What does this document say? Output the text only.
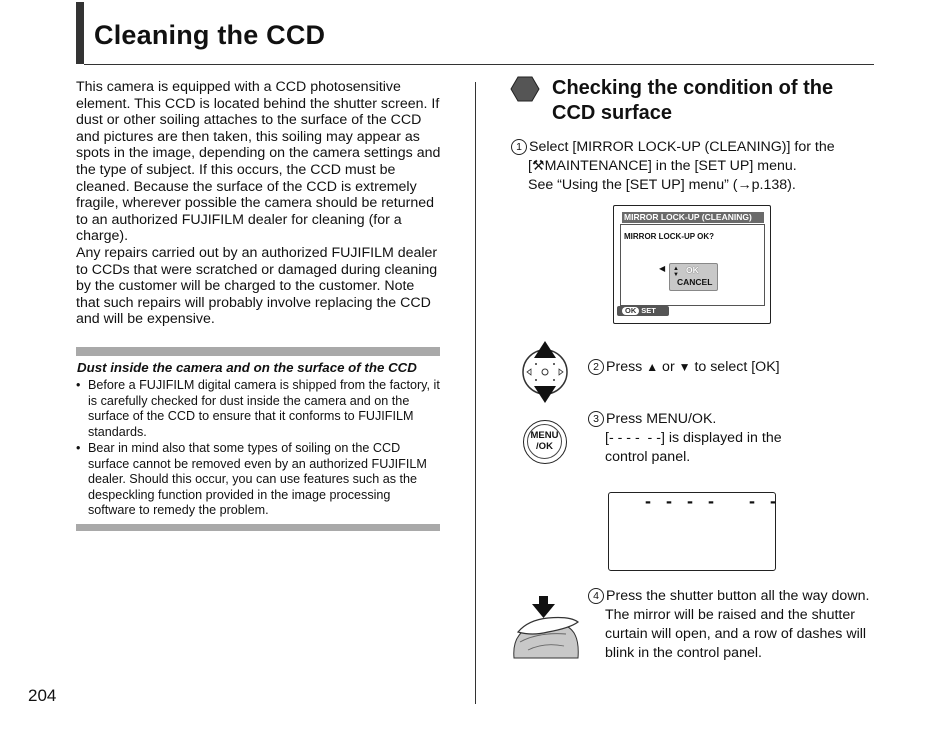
Cleaning the CCD

This camera is equipped with a CCD photosensitive element. This CCD is located behind the shutter screen. If dust or other soiling attaches to the surface of the CCD and pictures are then taken, this soiling may appear as spots in the image, depending on the camera settings and the type of subject. If this occurs, the CCD must be cleaned. Because the surface of the CCD is extremely fragile, wherever possible the camera should be returned to an authorized FUJIFILM dealer for cleaning (for a charge).

Any repairs carried out by an authorized FUJIFILM dealer to CCDs that were scratched or damaged during cleaning by the customer will be charged to the customer. Note that such repairs will probably involve replacing the CCD and will be expensive.

Dust inside the camera and on the surface of the CCD
• Before a FUJIFILM digital camera is shipped from the factory, it is carefully checked for dust inside the camera and on the surface of the CCD to ensure that it conforms to FUJIFILM standards.
• Bear in mind also that some types of soiling on the CCD surface cannot be removed even by an authorized FUJIFILM dealer. Should this occur, you can use features such as the despeckling function provided in the image processing software to remedy the problem.
204
Checking the condition of the CCD surface
1 Select [MIRROR LOCK-UP (CLEANING)] for the
[⚒MAINTENANCE] in the [SET UP] menu.
See “Using the [SET UP] menu” (→p.138).
MIRROR LOCK-UP (CLEANING)
MIRROR LOCK-UP OK?
◀ ▲
▼ OK
CANCEL
OK SET
2 Press ▲ or ▼ to select [OK]
MENU
/OK
3 Press MENU/OK.
[- - - -  - -] is displayed in the
control panel.
- - - -   - -
4 Press the shutter button all the way down.
The mirror will be raised and the shutter
curtain will open, and a row of dashes will
blink in the control panel.
